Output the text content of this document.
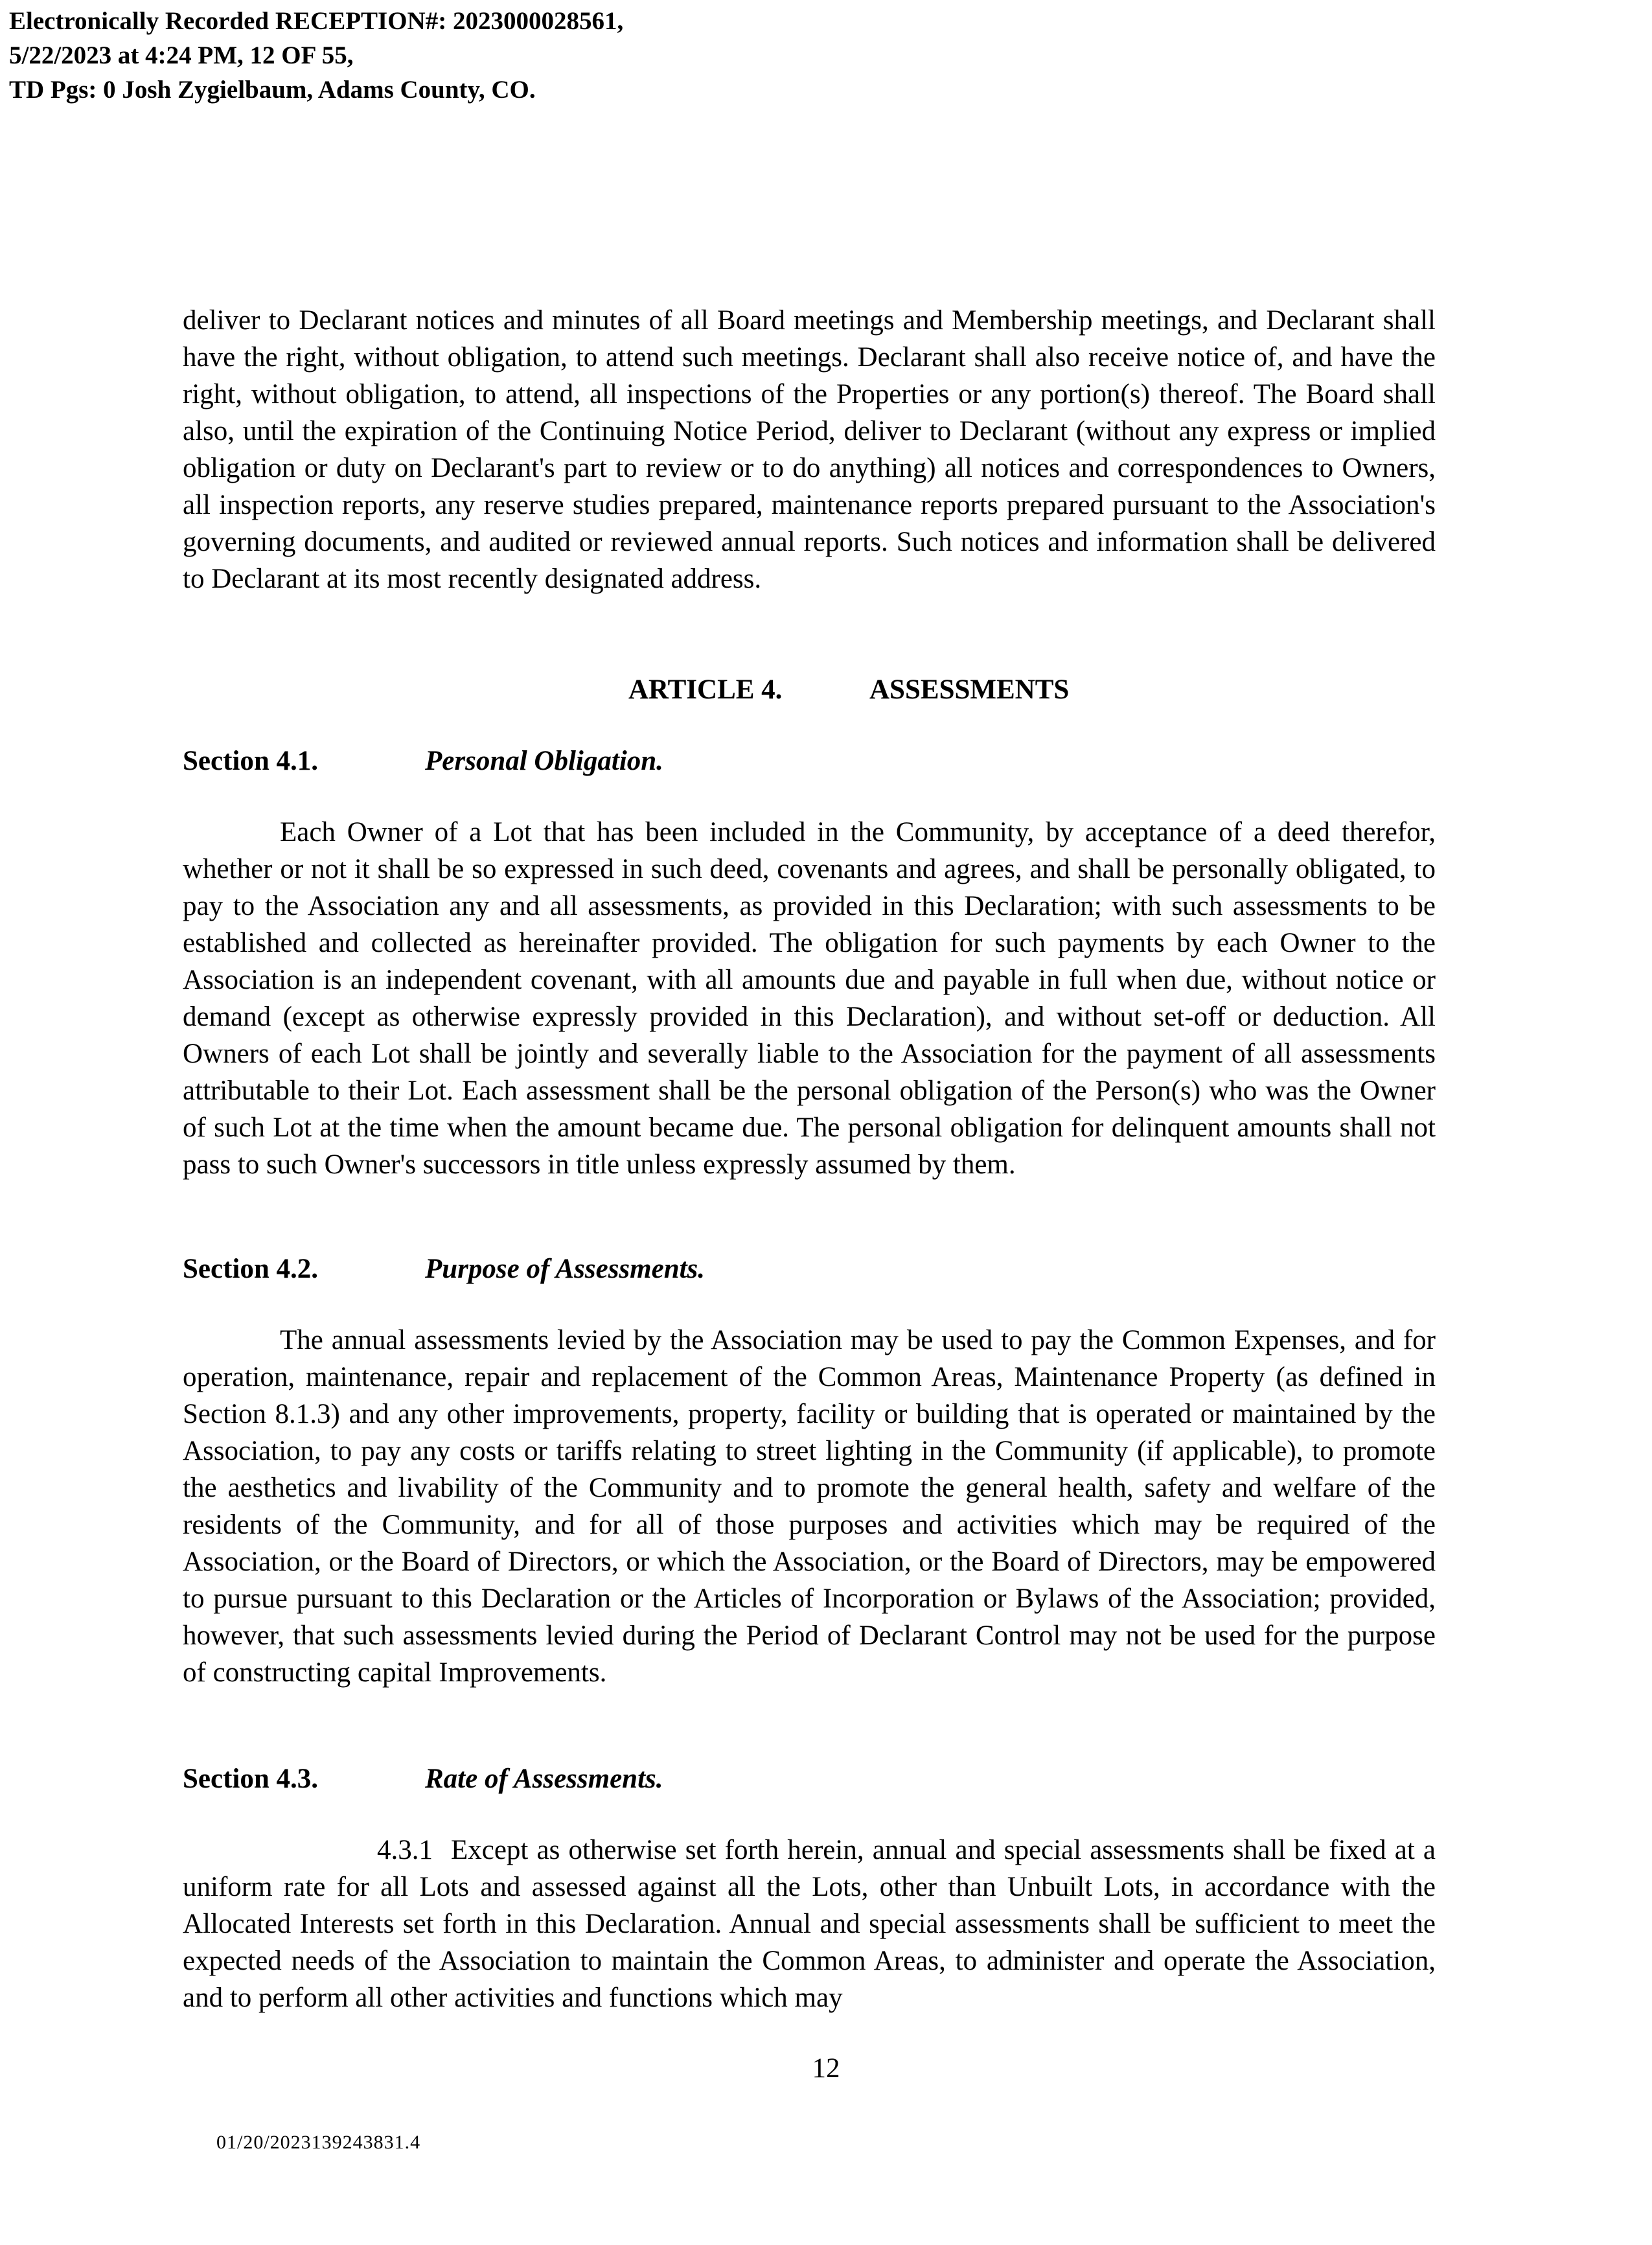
Electronically Recorded RECEPTION#: 2023000028561,
5/22/2023 at 4:24 PM, 12 OF 55,
TD Pgs: 0 Josh Zygielbaum, Adams County, CO.

deliver to Declarant notices and minutes of all Board meetings and Membership meetings, and Declarant shall have the right, without obligation, to attend such meetings. Declarant shall also receive notice of, and have the right, without obligation, to attend, all inspections of the Properties or any portion(s) thereof. The Board shall also, until the expiration of the Continuing Notice Period, deliver to Declarant (without any express or implied obligation or duty on Declarant's part to review or to do anything) all notices and correspondences to Owners, all inspection reports, any reserve studies prepared, maintenance reports prepared pursuant to the Association's governing documents, and audited or reviewed annual reports. Such notices and information shall be delivered to Declarant at its most recently designated address.

ARTICLE 4.	ASSESSMENTS
Section 4.1.	Personal Obligation.

Each Owner of a Lot that has been included in the Community, by acceptance of a deed therefor, whether or not it shall be so expressed in such deed, covenants and agrees, and shall be personally obligated, to pay to the Association any and all assessments, as provided in this Declaration; with such assessments to be established and collected as hereinafter provided. The obligation for such payments by each Owner to the Association is an independent covenant, with all amounts due and payable in full when due, without notice or demand (except as otherwise expressly provided in this Declaration), and without set-off or deduction. All Owners of each Lot shall be jointly and severally liable to the Association for the payment of all assessments attributable to their Lot. Each assessment shall be the personal obligation of the Person(s) who was the Owner of such Lot at the time when the amount became due. The personal obligation for delinquent amounts shall not pass to such Owner's successors in title unless expressly assumed by them.

Section 4.2.	Purpose of Assessments.

The annual assessments levied by the Association may be used to pay the Common Expenses, and for operation, maintenance, repair and replacement of the Common Areas, Maintenance Property (as defined in Section 8.1.3) and any other improvements, property, facility or building that is operated or maintained by the Association, to pay any costs or tariffs relating to street lighting in the Community (if applicable), to promote the aesthetics and livability of the Community and to promote the general health, safety and welfare of the residents of the Community, and for all of those purposes and activities which may be required of the Association, or the Board of Directors, or which the Association, or the Board of Directors, may be empowered to pursue pursuant to this Declaration or the Articles of Incorporation or Bylaws of the Association; provided, however, that such assessments levied during the Period of Declarant Control may not be used for the purpose of constructing capital Improvements.

Section 4.3.	Rate of Assessments.

4.3.1 Except as otherwise set forth herein, annual and special assessments shall be fixed at a uniform rate for all Lots and assessed against all the Lots, other than Unbuilt Lots, in accordance with the Allocated Interests set forth in this Declaration. Annual and special assessments shall be sufficient to meet the expected needs of the Association to maintain the Common Areas, to administer and operate the Association, and to perform all other activities and functions which may

12
01/20/2023139243831.4
